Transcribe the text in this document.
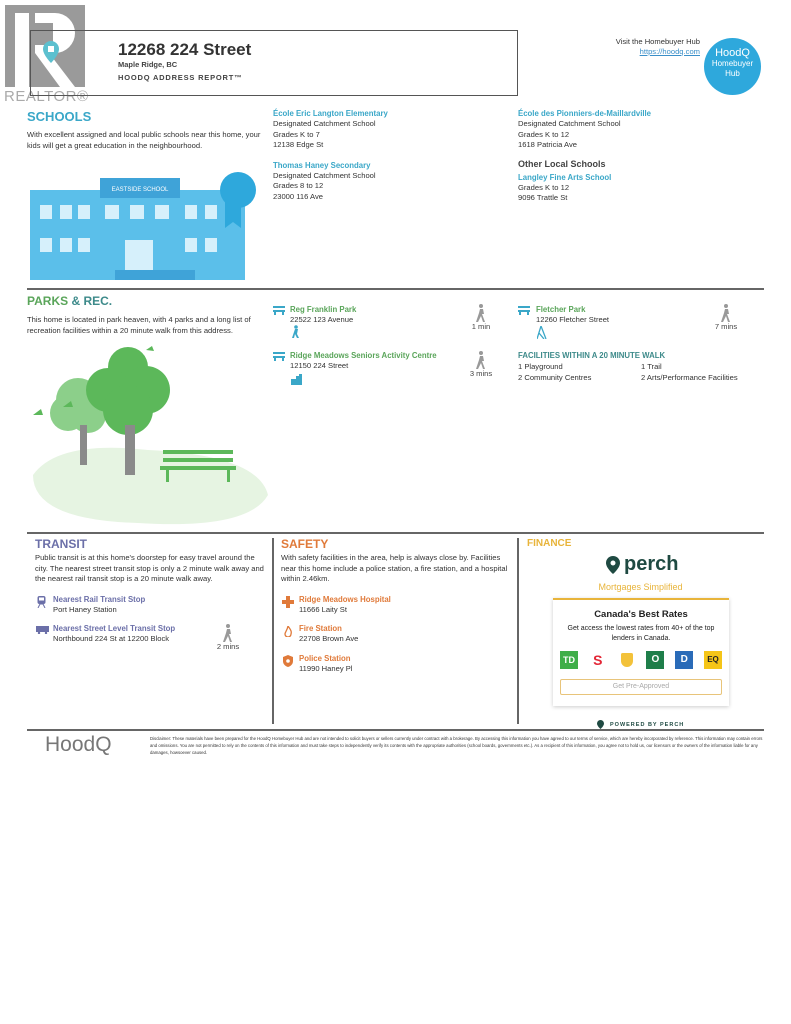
REALTOR®
12268 224 Street
Maple Ridge, BC
HOODQ ADDRESS REPORT™
Visit the Homebuyer Hub
https://hoodq.com	HoodQ
Homebuyer
Hub
SCHOOLS
With excellent assigned and local public schools near this home, your kids will get a great education in the neighbourhood.
EASTSIDE SCHOOL
École Eric Langton Elementary
Designated Catchment School
Grades K to 7
12138 Edge St
Thomas Haney Secondary
Designated Catchment School
Grades 8 to 12
23000 116 Ave
École des Pionniers-de-Maillardville
Designated Catchment School
Grades K to 12
1618 Patricia Ave
Other Local Schools
Langley Fine Arts School
Grades K to 12
9096 Trattle St
PARKS & REC.
This home is located in park heaven, with 4 parks and a long list of recreation facilities within a 20 minute walk from this address.
Reg Franklin Park
22522 123 Avenue
1 min
Ridge Meadows Seniors Activity Centre
12150 224 Street
3 mins
Fletcher Park
12260 Fletcher Street
7 mins
FACILITIES WITHIN A 20 MINUTE WALK
1 Playground	1 Trail
2 Community Centres	2 Arts/Performance Facilities
TRANSIT
Public transit is at this home's doorstep for easy travel around the city. The nearest street transit stop is only a 2 minute walk away and the nearest rail transit stop is a 20 minute walk away.
Nearest Rail Transit Stop
Port Haney Station
Nearest Street Level Transit Stop
Northbound 224 St at 12200 Block
2 mins
SAFETY
With safety facilities in the area, help is always close by. Facilities near this home include a police station, a fire station, and a hospital within 2.46km.
Ridge Meadows Hospital
11666 Laity St
Fire Station
22708 Brown Ave
Police Station
11990 Haney Pl
FINANCE
perch
Mortgages Simplified
Canada's Best Rates
Get access the lowest rates from 40+ of the top lenders in Canada.
TD	S	O	D	EQ
Get Pre-Approved
POWERED BY PERCH
HoodQ	Disclaimer: These materials have been prepared for the HoodQ Homebuyer Hub and are not intended to solicit buyers or sellers currently under contract with a brokerage. By accessing this information you have agreed to our terms of service, which are hereby incorporated by reference. This information may contain errors and omissions. You are not permitted to rely on the contents of this information and must take steps to independently verify its contents with the appropriate authorities (school boards, governments etc.). As a recipient of this information, you agree not to hold us, our licensors or the owners of the information liable for any damages, howsoever caused.
